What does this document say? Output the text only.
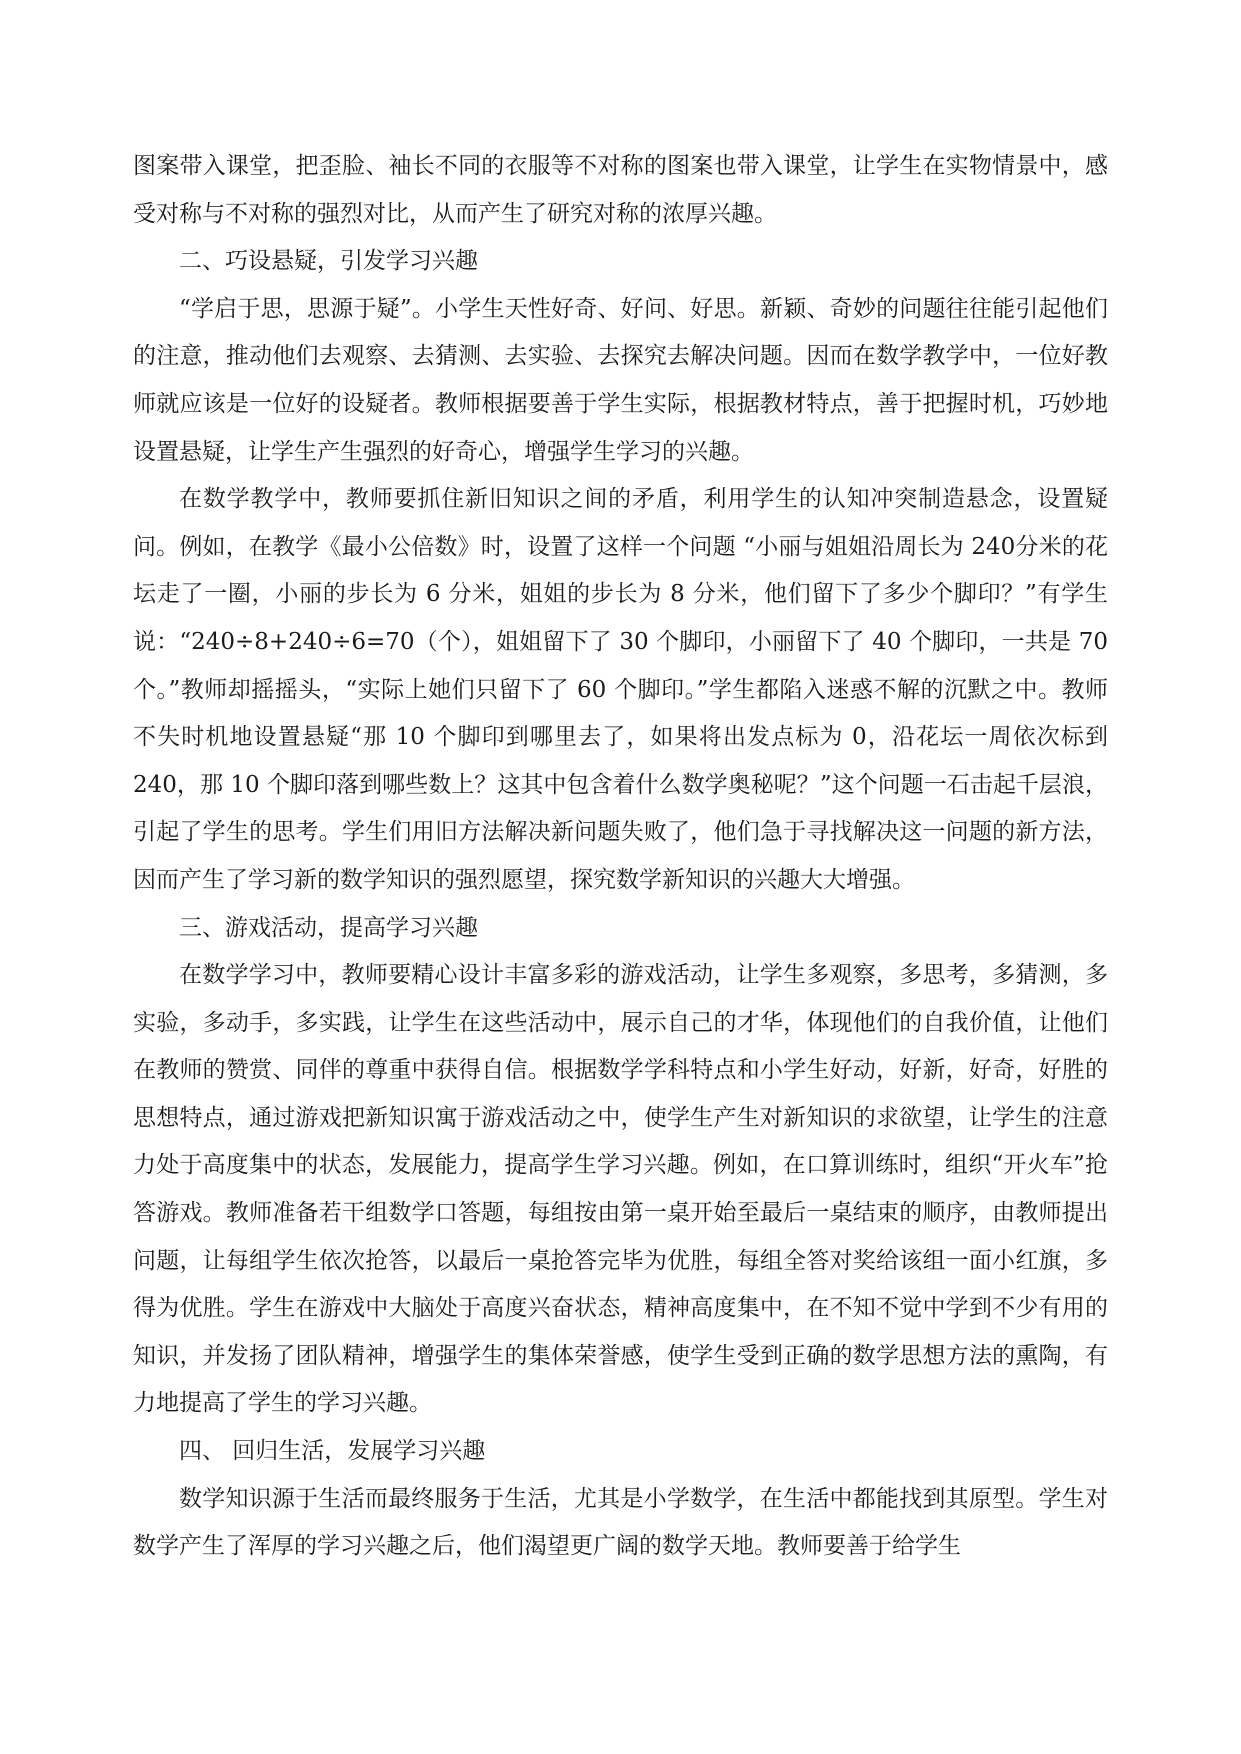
图案带入课堂，把歪脸、袖长不同的衣服等不对称的图案也带入课堂，让学生在实物情景中，感受对称与不对称的强烈对比，从而产生了研究对称的浓厚兴趣。

二、巧设悬疑，引发学习兴趣

“学启于思，思源于疑”。小学生天性好奇、好问、好思。新颖、奇妙的问题往往能引起他们的注意，推动他们去观察、去猜测、去实验、去探究去解决问题。因而在数学教学中，一位好教师就应该是一位好的设疑者。教师根据要善于学生实际，根据教材特点，善于把握时机，巧妙地设置悬疑，让学生产生强烈的好奇心，增强学生学习的兴趣。

在数学教学中，教师要抓住新旧知识之间的矛盾，利用学生的认知冲突制造悬念，设置疑问。例如，在教学《最小公倍数》时，设置了这样一个问题 “小丽与姐姐沿周长为 240分米的花坛走了一圈，小丽的步长为 6 分米，姐姐的步长为 8 分米，他们留下了多少个脚印？”有学生说：“240÷8+240÷6=70（个），姐姐留下了 30 个脚印，小丽留下了 40 个脚印，一共是 70 个。”教师却摇摇头，“实际上她们只留下了 60 个脚印。”学生都陷入迷惑不解的沉默之中。教师不失时机地设置悬疑“那 10 个脚印到哪里去了，如果将出发点标为 0，沿花坛一周依次标到 240，那 10 个脚印落到哪些数上？这其中包含着什么数学奥秘呢？”这个问题一石击起千层浪，引起了学生的思考。学生们用旧方法解决新问题失败了，他们急于寻找解决这一问题的新方法，因而产生了学习新的数学知识的强烈愿望，探究数学新知识的兴趣大大增强。

三、游戏活动，提高学习兴趣

在数学学习中，教师要精心设计丰富多彩的游戏活动，让学生多观察，多思考，多猜测，多实验，多动手，多实践，让学生在这些活动中，展示自己的才华，体现他们的自我价值，让他们在教师的赞赏、同伴的尊重中获得自信。根据数学学科特点和小学生好动，好新，好奇，好胜的思想特点，通过游戏把新知识寓于游戏活动之中，使学生产生对新知识的求欲望，让学生的注意力处于高度集中的状态，发展能力，提高学生学习兴趣。例如，在口算训练时，组织“开火车”抢答游戏。教师准备若干组数学口答题，每组按由第一桌开始至最后一桌结束的顺序，由教师提出问题，让每组学生依次抢答，以最后一桌抢答完毕为优胜，每组全答对奖给该组一面小红旗，多得为优胜。学生在游戏中大脑处于高度兴奋状态，精神高度集中，在不知不觉中学到不少有用的知识，并发扬了团队精神，增强学生的集体荣誉感，使学生受到正确的数学思想方法的熏陶，有力地提高了学生的学习兴趣。

四、 回归生活，发展学习兴趣

数学知识源于生活而最终服务于生活，尤其是小学数学，在生活中都能找到其原型。学生对数学产生了浑厚的学习兴趣之后，他们渴望更广阔的数学天地。教师要善于给学生
